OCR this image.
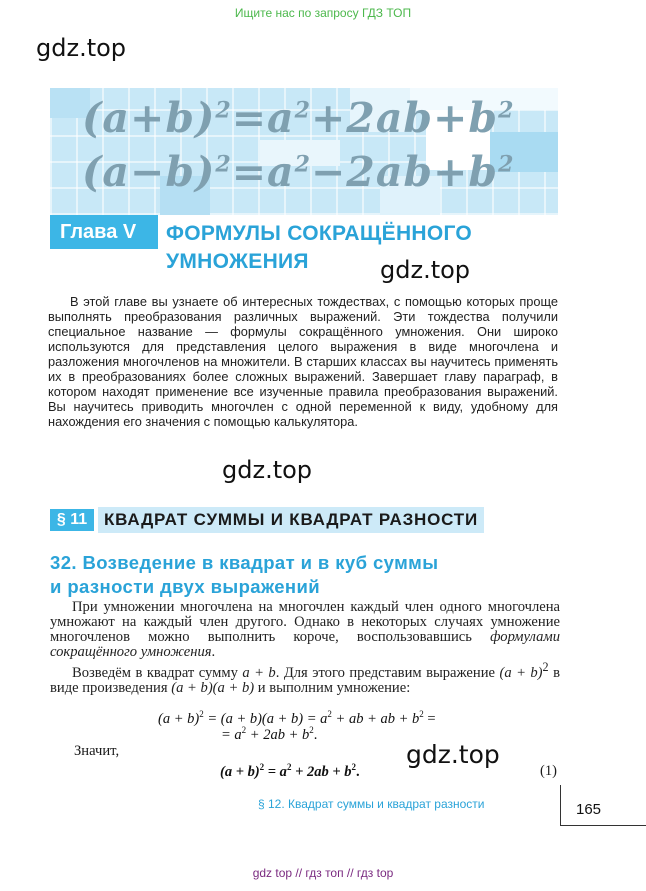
Ищите нас по запросу ГДЗ ТОП
gdz.top
$(a+b)^2=a^2+2ab+b^2$
$(a-b)^2=a^2-2ab+b^2$
Глава V	ФОРМУЛЫ СОКРАЩЁННОГО
УМНОЖЕНИЯ	gdz.top

В этой главе вы узнаете об интересных тождествах, с помощью которых проще выполнять преобразования различных выражений. Эти тождества получили специальное название — формулы сокращённого умножения. Они широко используются для представления целого выражения в виде многочлена и разложения многочленов на множители. В старших классах вы научитесь применять их в преобразованиях более сложных выражений. Завершает главу параграф, в котором находят применение все изученные правила преобразования выражений. Вы научитесь приводить многочлен с одной переменной к виду, удобному для нахождения его значения с помощью калькулятора.

gdz.top
§ 11 КВАДРАТ СУММЫ И КВАДРАТ РАЗНОСТИ
32. Возведение в квадрат и в куб суммы
и разности двух выражений

При умножении многочлена на многочлен каждый член одного многочлена умножают на каждый член другого. Однако в некоторых случаях умножение многочленов можно выполнить короче, воспользовавшись формулами сокращённого умножения.

Возведём в квадрат сумму a + b. Для этого представим выражение $(a + b)^2$ в виде произведения (a + b)(a + b) и выполним умножение:

$(a + b)^2 = (a + b)(a + b) = a^2$ + ab + ab + $b^2$ =
= $a^2 + 2ab + b^2$.
Значит,
$(a + b)^2 = a^2 + 2ab + b^2$.
gdz.top
(1)
§ 12. Квадрат суммы и квадрат разности	165
gdz top // гдз топ // гдз top
